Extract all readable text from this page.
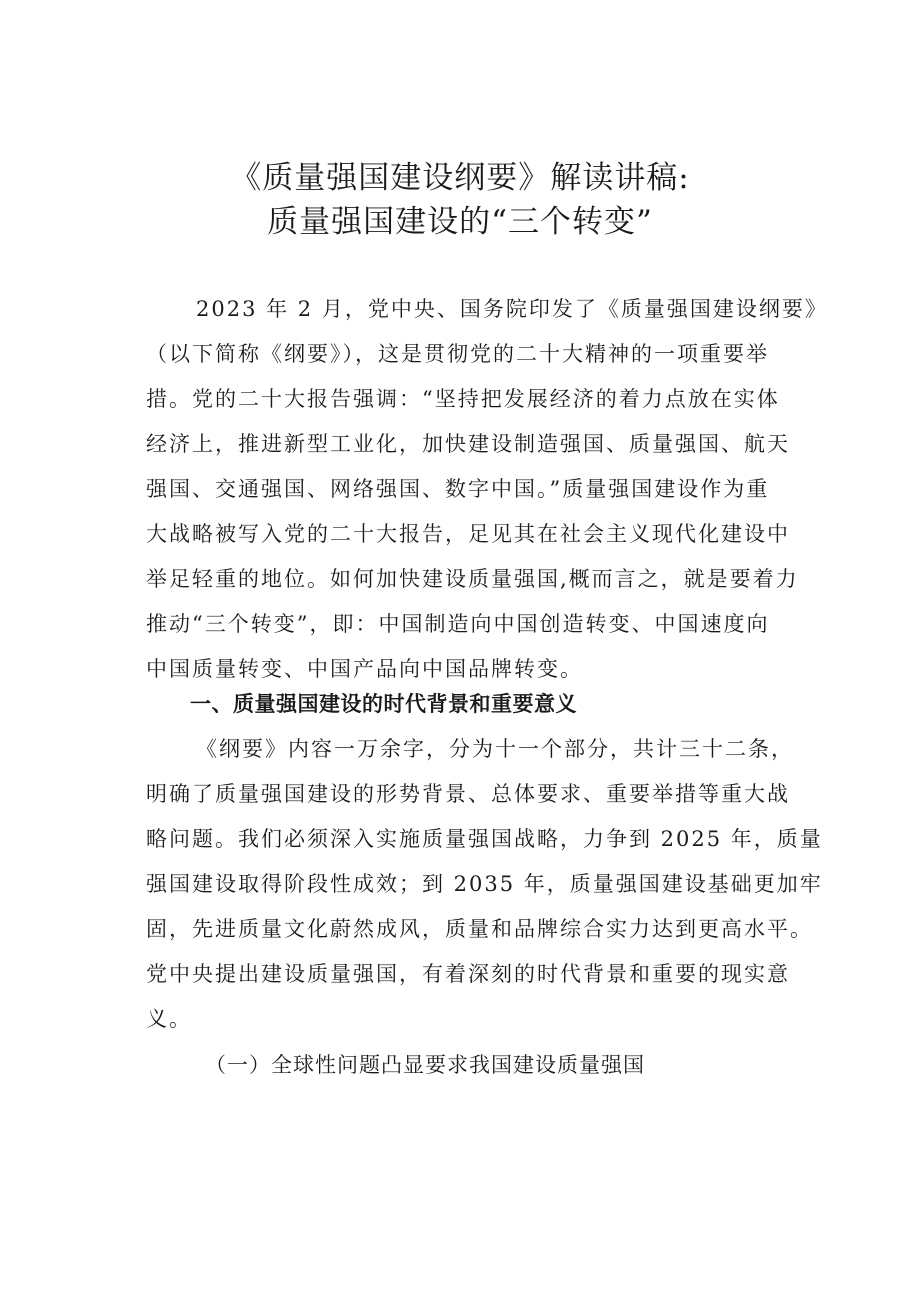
《质量强国建设纲要》解读讲稿:
质量强国建设的“三个转变”
2023 年 2 月，党中央、国务院印发了《质量强国建设纲要》
（以下简称《纲要》），这是贯彻党的二十大精神的一项重要举
措。党的二十大报告强调：“坚持把发展经济的着力点放在实体
经济上，推进新型工业化，加快建设制造强国、质量强国、航天
强国、交通强国、网络强国、数字中国。”质量强国建设作为重
大战略被写入党的二十大报告，足见其在社会主义现代化建设中
举足轻重的地位。如何加快建设质量强国,概而言之，就是要着力
推动“三个转变”，即：中国制造向中国创造转变、中国速度向
中国质量转变、中国产品向中国品牌转变。
一、质量强国建设的时代背景和重要意义
《纲要》内容一万余字，分为十一个部分，共计三十二条，
明确了质量强国建设的形势背景、总体要求、重要举措等重大战
略问题。我们必须深入实施质量强国战略，力争到 2025 年，质量
强国建设取得阶段性成效；到 2035 年，质量强国建设基础更加牢
固，先进质量文化蔚然成风，质量和品牌综合实力达到更高水平。
党中央提出建设质量强国，有着深刻的时代背景和重要的现实意
义。
（一）全球性问题凸显要求我国建设质量强国
